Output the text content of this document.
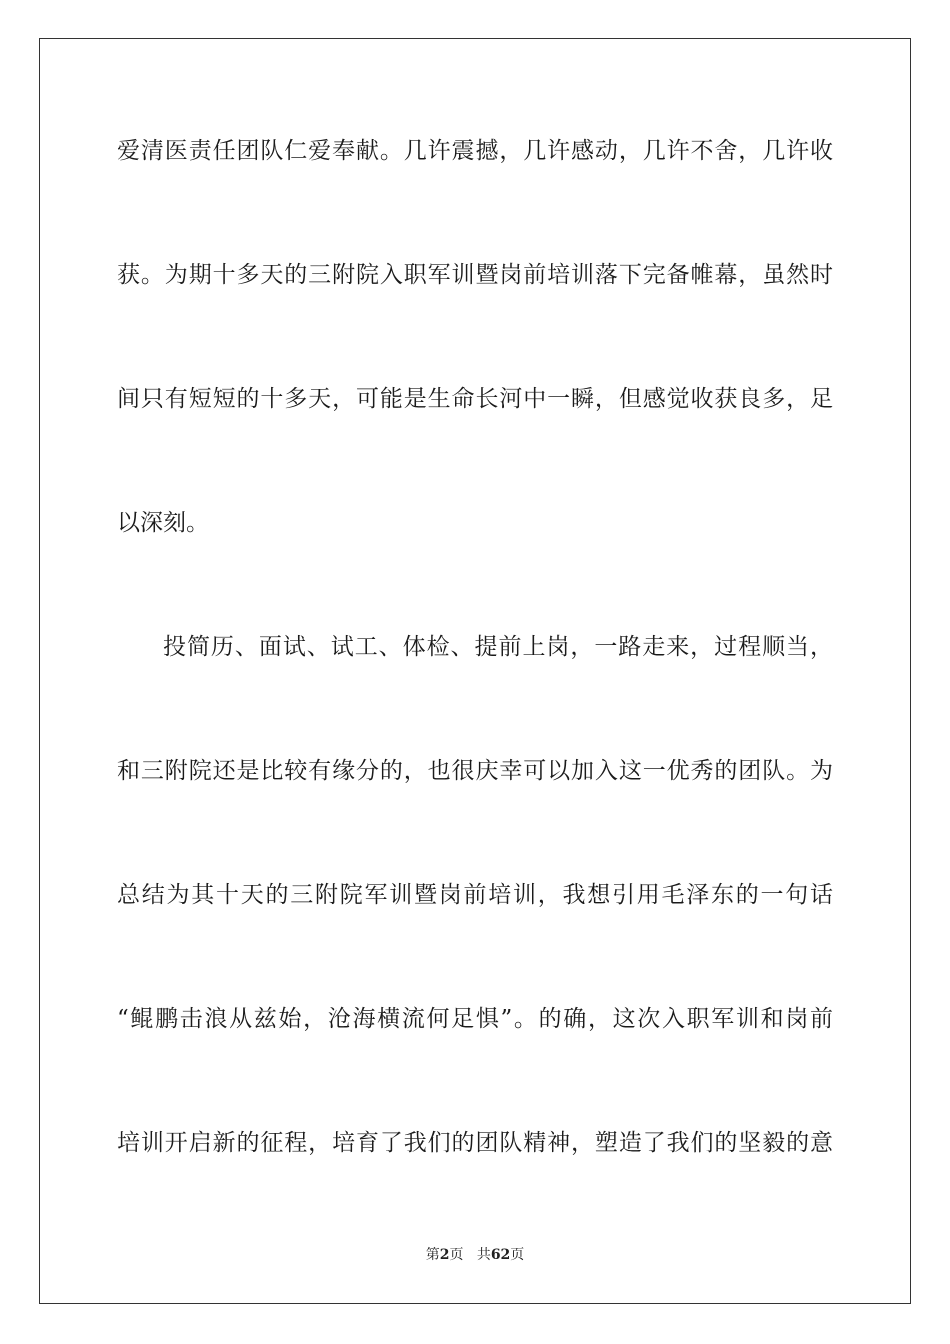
爱清医责任团队仁爱奉献。几许震撼，几许感动，几许不舍，几许收
获。为期十多天的三附院入职军训暨岗前培训落下完备帷幕，虽然时
间只有短短的十多天，可能是生命长河中一瞬，但感觉收获良多，足
以深刻。
投简历、面试、试工、体检、提前上岗，一路走来，过程顺当，
和三附院还是比较有缘分的，也很庆幸可以加入这一优秀的团队。为
总结为其十天的三附院军训暨岗前培训，我想引用毛泽东的一句话
“鲲鹏击浪从兹始，沧海横流何足惧”。的确，这次入职军训和岗前
培训开启新的征程，培育了我们的团队精神，塑造了我们的坚毅的意
第2页 共62页
